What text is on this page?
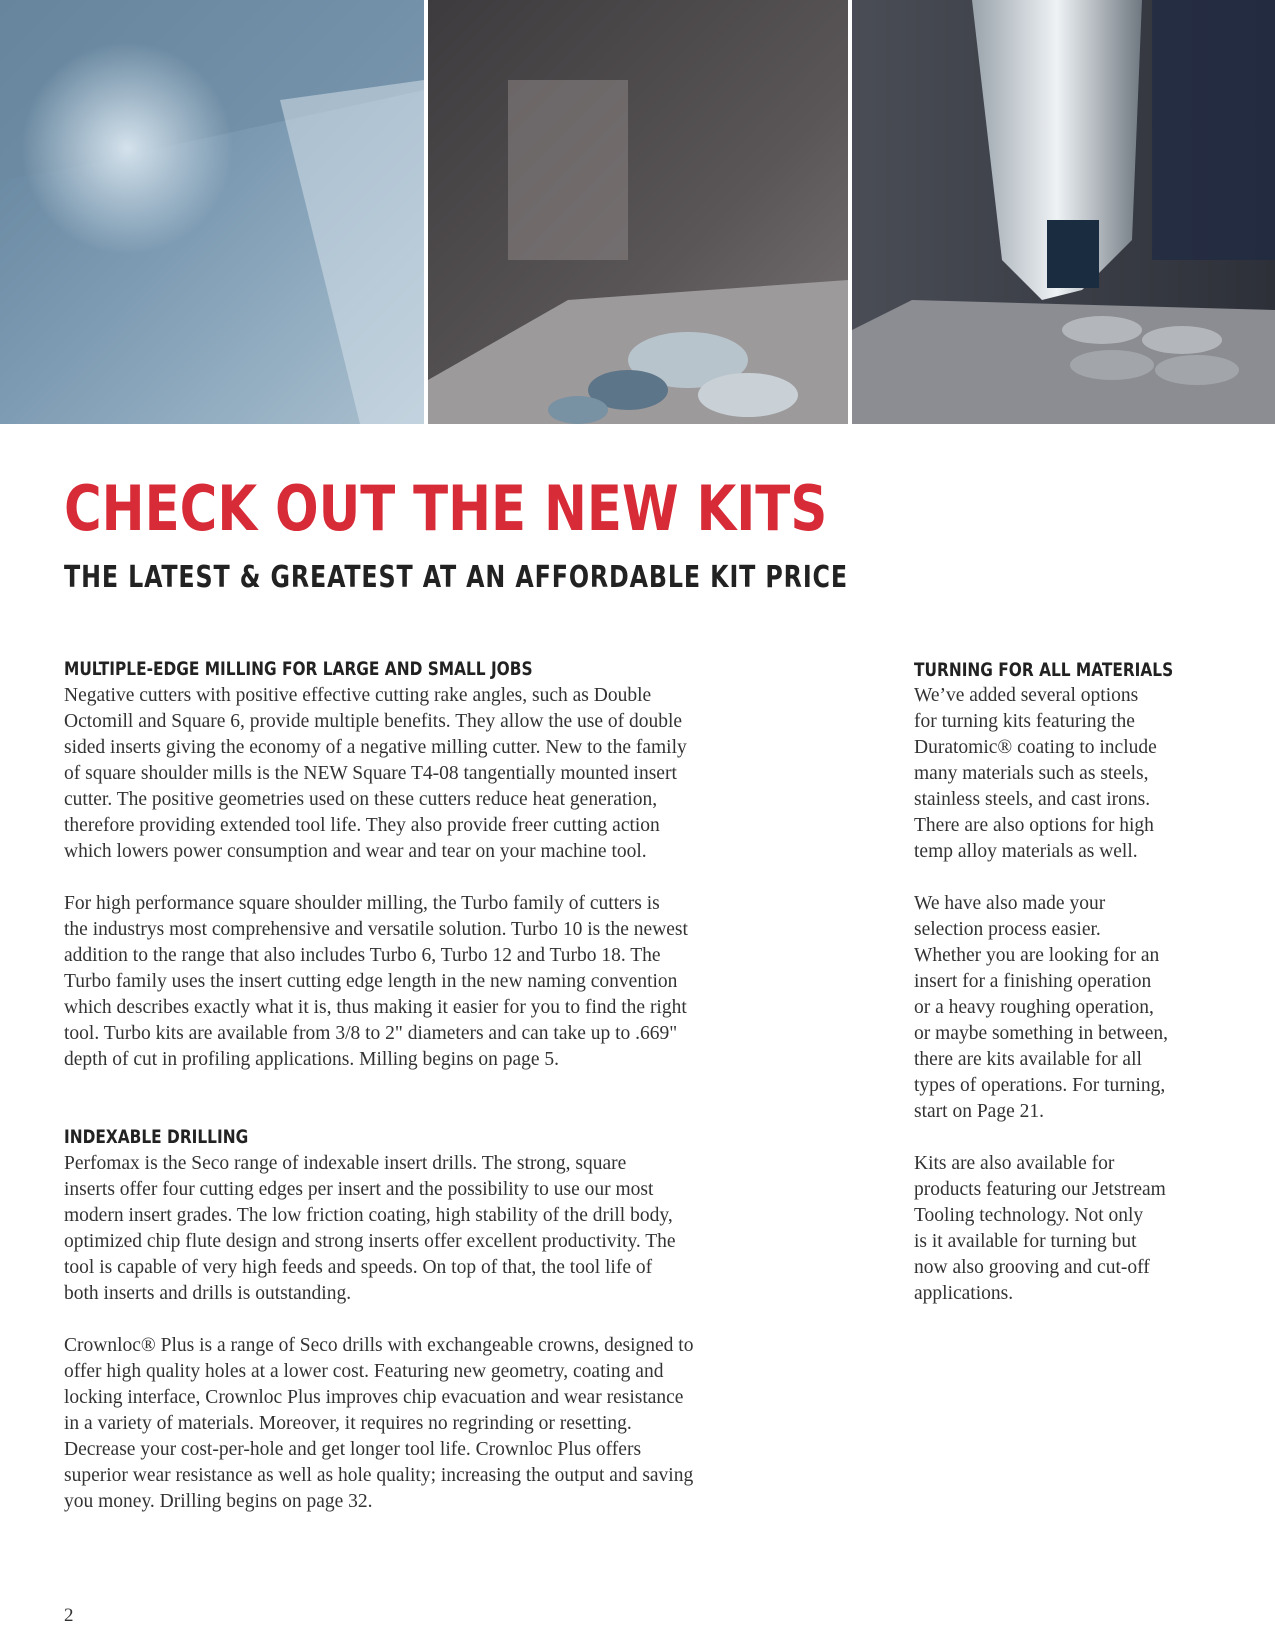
CHECK OUT THE NEW KITS
THE LATEST & GREATEST AT AN AFFORDABLE KIT PRICE
MULTIPLE-EDGE MILLING FOR LARGE AND SMALL JOBS
Negative cutters with positive effective cutting rake angles, such as Double
Octomill and Square 6, provide multiple benefits. They allow the use of double
sided inserts giving the economy of a negative milling cutter. New to the family
of square shoulder mills is the NEW Square T4-08 tangentially mounted insert
cutter. The positive geometries used on these cutters reduce heat generation,
therefore providing extended tool life. They also provide freer cutting action
which lowers power consumption and wear and tear on your machine tool.
For high performance square shoulder milling, the Turbo family of cutters is
the industrys most comprehensive and versatile solution. Turbo 10 is the newest
addition to the range that also includes Turbo 6, Turbo 12 and Turbo 18. The
Turbo family uses the insert cutting edge length in the new naming convention
which describes exactly what it is, thus making it easier for you to find the right
tool. Turbo kits are available from 3/8 to 2" diameters and can take up to .669"
depth of cut in profiling applications. Milling begins on page 5.
INDEXABLE DRILLING
Perfomax is the Seco range of indexable insert drills. The strong, square
inserts offer four cutting edges per insert and the possibility to use our most
modern insert grades. The low friction coating, high stability of the drill body,
optimized chip flute design and strong inserts offer excellent productivity. The
tool is capable of very high feeds and speeds. On top of that, the tool life of
both inserts and drills is outstanding.
Crownloc® Plus is a range of Seco drills with exchangeable crowns, designed to
offer high quality holes at a lower cost. Featuring new geometry, coating and
locking interface, Crownloc Plus improves chip evacuation and wear resistance
in a variety of materials. Moreover, it requires no regrinding or resetting.
Decrease your cost-per-hole and get longer tool life. Crownloc Plus offers
superior wear resistance as well as hole quality; increasing the output and saving
you money. Drilling begins on page 32.
TURNING FOR ALL MATERIALS
We’ve added several options
for turning kits featuring the
Duratomic® coating to include
many materials such as steels,
stainless steels, and cast irons.
There are also options for high
temp alloy materials as well.
We have also made your
selection process easier.
Whether you are looking for an
insert for a finishing operation
or a heavy roughing operation,
or maybe something in between,
there are kits available for all
types of operations. For turning,
start on Page 21.
Kits are also available for
products featuring our Jetstream
Tooling technology. Not only
is it available for turning but
now also grooving and cut-off
applications.

2
